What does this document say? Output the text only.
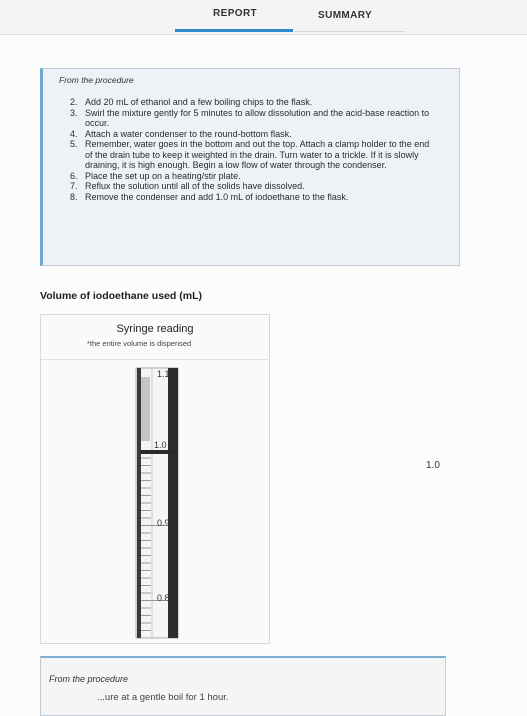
REPORT	SUMMARY
From the procedure
2. Add 20 mL of ethanol and a few boiling chips to the flask.
3. Swirl the mixture gently for 5 minutes to allow dissolution and the acid-base reaction to occur.
4. Attach a water condenser to the round-bottom flask.
5. Remember, water goes in the bottom and out the top. Attach a clamp holder to the end of the drain tube to keep it weighted in the drain. Turn water to a trickle. If it is slowly draining, it is high enough. Begin a low flow of water through the condenser.
6. Place the set up on a heating/stir plate.
7. Reflux the solution until all of the solids have dissolved.
8. Remove the condenser and add 1.0 mL of iodoethane to the flask.
Volume of iodoethane used (mL)
Syringe reading
*the entire volume is dispensed
1.1
1.0
0.9
0.8
1.0
From the procedure
...ure at a gentle boil for 1 hour.
